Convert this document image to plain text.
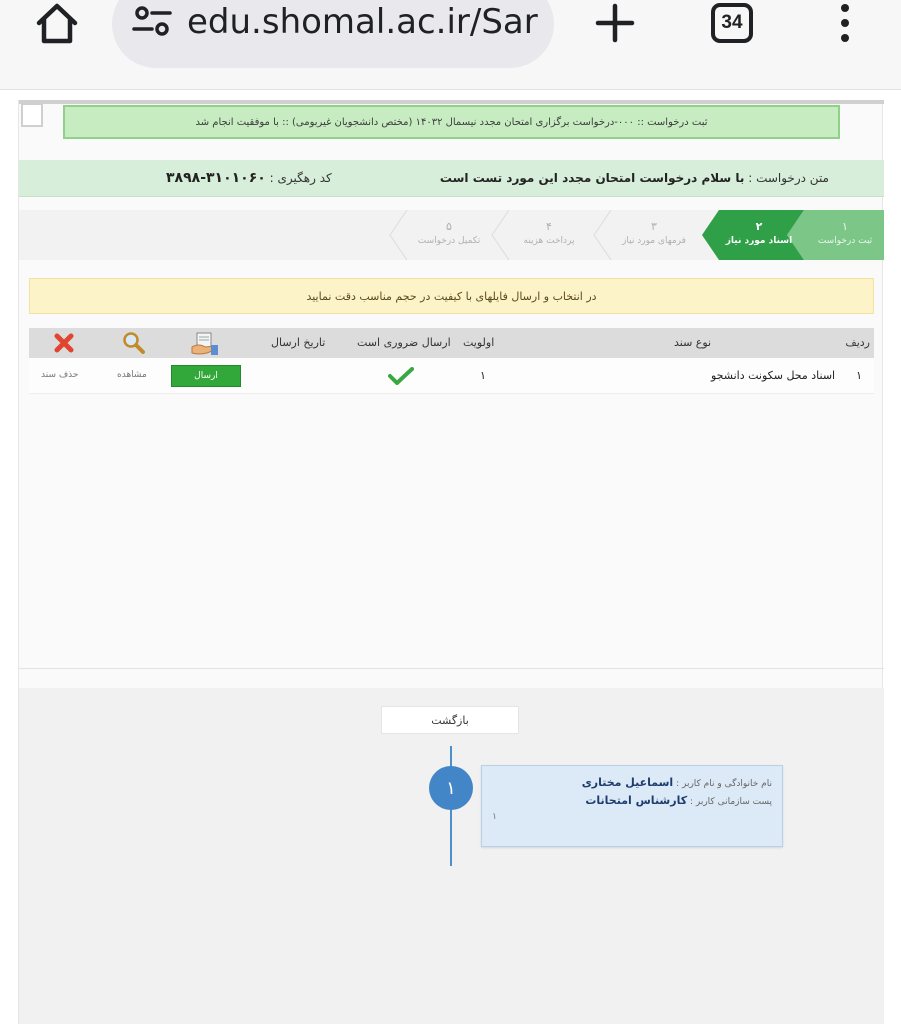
edu.shomal.ac.ir/Sar	34
ثبت درخواست :: ۰۰۰-درخواست برگزاری امتحان مجدد نیسمال ۱۴۰۳۲ (مختص دانشجویان غیربومی) :: با موفقیت انجام شد
متن درخواست : با سلام درخواست امتحان مجدد این مورد تست است
کد رهگیری : ۳۱۰۱۰۶۰-۳۸۹۸
۱
ثبت درخواست
۲
اسناد مورد نیاز
۳
فرمهای مورد نیاز
۴
پرداخت هزینه
۵
تکمیل درخواست
در انتخاب و ارسال فایلهای با کیفیت در حجم مناسب دقت نمایید
ردیف
نوع سند
اولویت
ارسال ضروری است
تاریخ ارسال
۱
اسناد محل سکونت دانشجو
۱
ارسال
مشاهده
حذف سند
بازگشت
۱	نام خانوادگی و نام کاربر : اسماعیل مختاری
پست سازمانی کاربر : کارشناس امتحانات
۱
